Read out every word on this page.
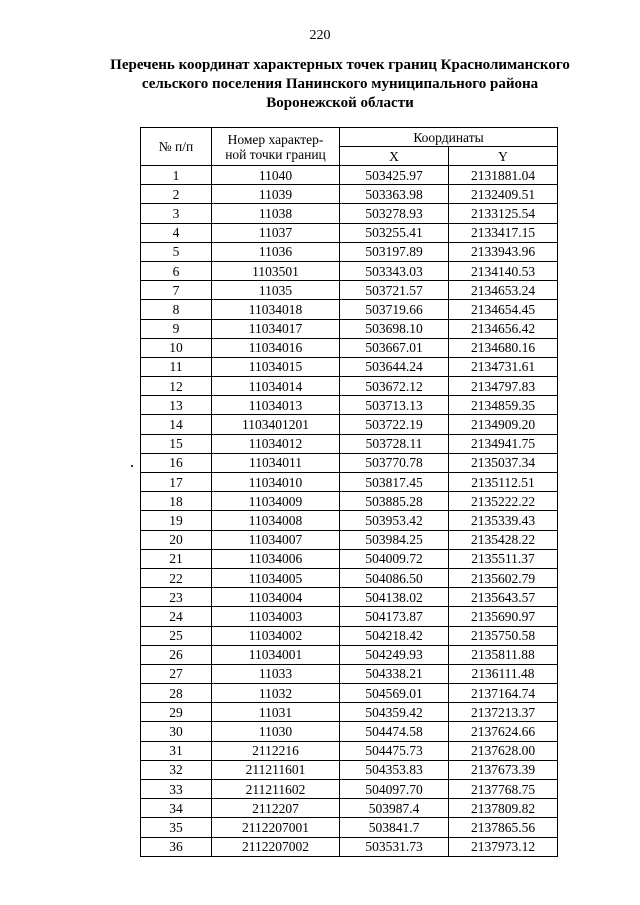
220
Перечень координат характерных точек границ Краснолиманского
сельского поселения Панинского муниципального района
Воронежской области
№ п/п	Номер характер-
ной точки границ	Координаты	
		X	Y
1	11040	503425.97	2131881.04
2	11039	503363.98	2132409.51
3	11038	503278.93	2133125.54
4	11037	503255.41	2133417.15
5	11036	503197.89	2133943.96
6	1103501	503343.03	2134140.53
7	11035	503721.57	2134653.24
8	11034018	503719.66	2134654.45
9	11034017	503698.10	2134656.42
10	11034016	503667.01	2134680.16
11	11034015	503644.24	2134731.61
12	11034014	503672.12	2134797.83
13	11034013	503713.13	2134859.35
14	1103401201	503722.19	2134909.20
15	11034012	503728.11	2134941.75
16	11034011	503770.78	2135037.34
17	11034010	503817.45	2135112.51
18	11034009	503885.28	2135222.22
19	11034008	503953.42	2135339.43
20	11034007	503984.25	2135428.22
21	11034006	504009.72	2135511.37
22	11034005	504086.50	2135602.79
23	11034004	504138.02	2135643.57
24	11034003	504173.87	2135690.97
25	11034002	504218.42	2135750.58
26	11034001	504249.93	2135811.88
27	11033	504338.21	2136111.48
28	11032	504569.01	2137164.74
29	11031	504359.42	2137213.37
30	11030	504474.58	2137624.66
31	2112216	504475.73	2137628.00
32	211211601	504353.83	2137673.39
33	211211602	504097.70	2137768.75
34	2112207	503987.4	2137809.82
35	2112207001	503841.7	2137865.56
36	2112207002	503531.73	2137973.12
